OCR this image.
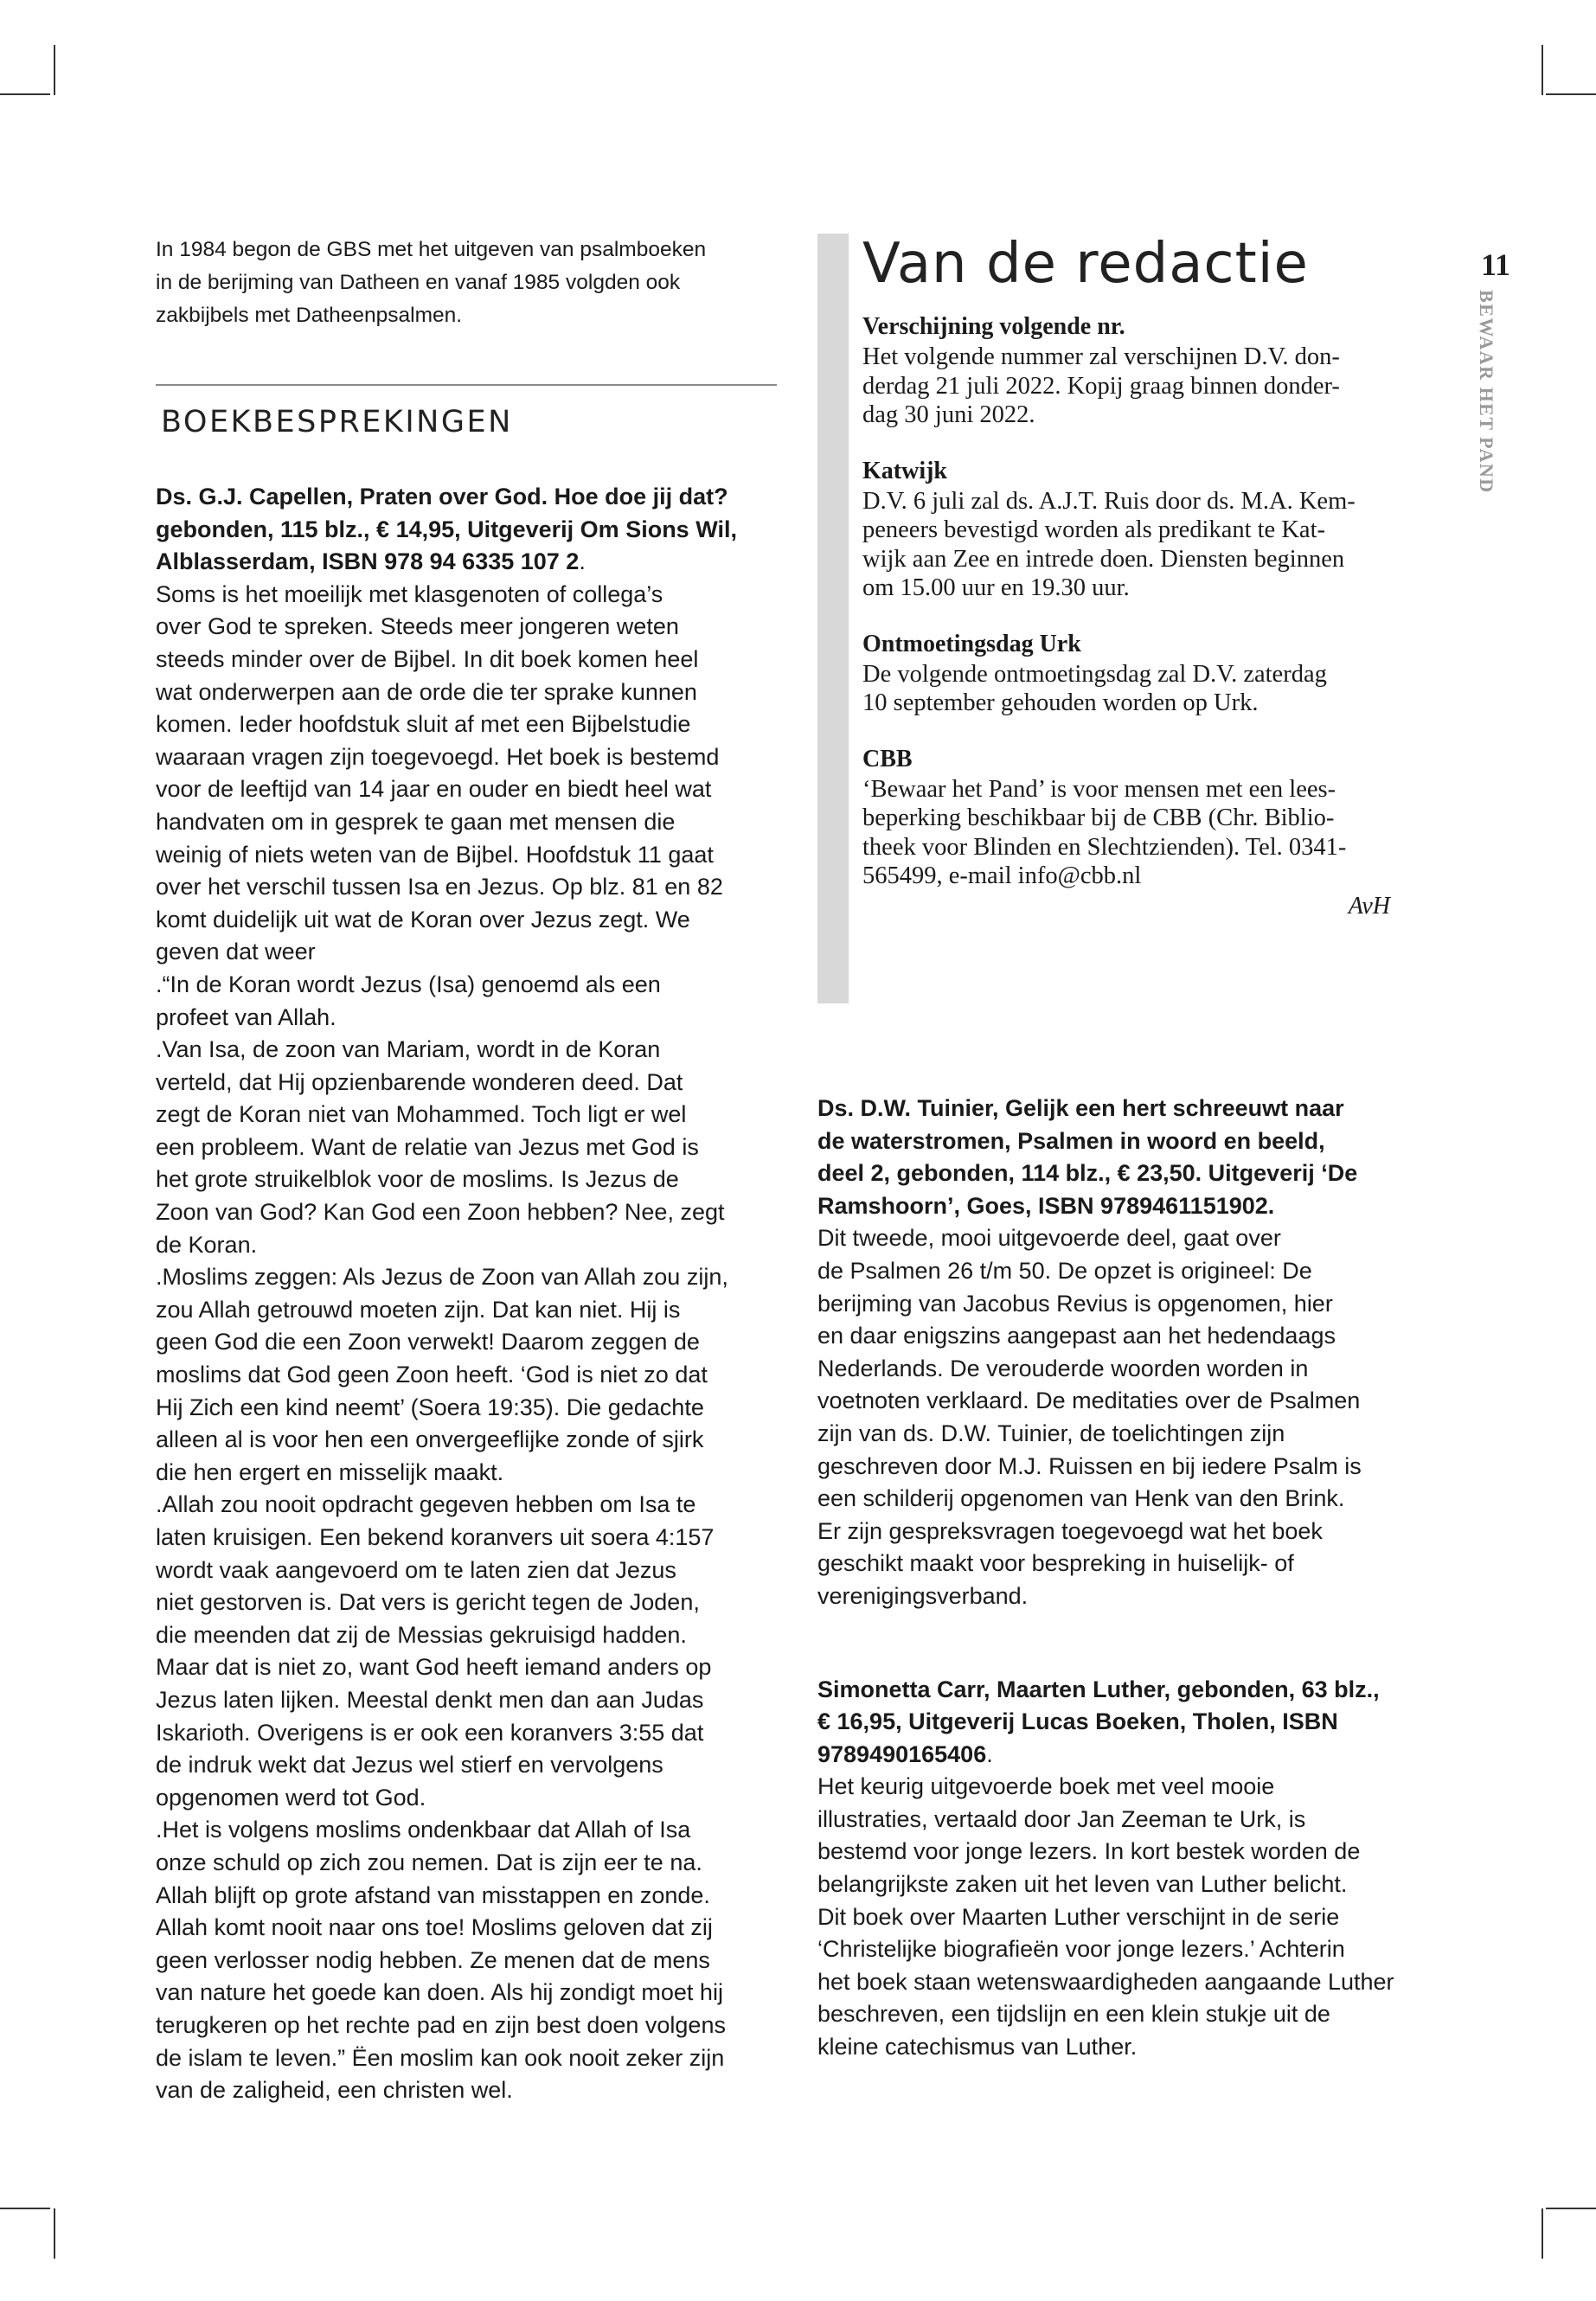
In 1984 begon de GBS met het uitgeven van psalmboeken
in de berijming van Datheen en vanaf 1985 volgden ook
zakbijbels met Datheenpsalmen.

BOEKBESPREKINGEN

Ds. G.J. Capellen, Praten over God. Hoe doe jij dat?
gebonden, 115 blz., € 14,95, Uitgeverij Om Sions Wil,
Alblasserdam, ISBN 978 94 6335 107 2.

Soms is het moeilijk met klasgenoten of collega’s
over God te spreken. Steeds meer jongeren weten
steeds minder over de Bijbel. In dit boek komen heel
wat onderwerpen aan de orde die ter sprake kunnen
komen. Ieder hoofdstuk sluit af met een Bijbelstudie
waaraan vragen zijn toegevoegd. Het boek is bestemd
voor de leeftijd van 14 jaar en ouder en biedt heel wat
handvaten om in gesprek te gaan met mensen die
weinig of niets weten van de Bijbel. Hoofdstuk 11 gaat
over het verschil tussen Isa en Jezus. Op blz. 81 en 82
komt duidelijk uit wat de Koran over Jezus zegt. We
geven dat weer
.“In de Koran wordt Jezus (Isa) genoemd als een
profeet van Allah.
.Van Isa, de zoon van Mariam, wordt in de Koran
verteld, dat Hij opzienbarende wonderen deed. Dat
zegt de Koran niet van Mohammed. Toch ligt er wel
een probleem. Want de relatie van Jezus met God is
het grote struikelblok voor de moslims. Is Jezus de
Zoon van God? Kan God een Zoon hebben? Nee, zegt
de Koran.
.Moslims zeggen: Als Jezus de Zoon van Allah zou zijn,
zou Allah getrouwd moeten zijn. Dat kan niet. Hij is
geen God die een Zoon verwekt! Daarom zeggen de
moslims dat God geen Zoon heeft. ‘God is niet zo dat
Hij Zich een kind neemt’ (Soera 19:35). Die gedachte
alleen al is voor hen een onvergeeflijke zonde of sjirk
die hen ergert en misselijk maakt.
.Allah zou nooit opdracht gegeven hebben om Isa te
laten kruisigen. Een bekend koranvers uit soera 4:157
wordt vaak aangevoerd om te laten zien dat Jezus
niet gestorven is. Dat vers is gericht tegen de Joden,
die meenden dat zij de Messias gekruisigd hadden.
Maar dat is niet zo, want God heeft iemand anders op
Jezus laten lijken. Meestal denkt men dan aan Judas
Iskarioth. Overigens is er ook een koranvers 3:55 dat
de indruk wekt dat Jezus wel stierf en vervolgens
opgenomen werd tot God.
.Het is volgens moslims ondenkbaar dat Allah of Isa
onze schuld op zich zou nemen. Dat is zijn eer te na.
Allah blijft op grote afstand van misstappen en zonde.
Allah komt nooit naar ons toe! Moslims geloven dat zij
geen verlosser nodig hebben. Ze menen dat de mens
van nature het goede kan doen. Als hij zondigt moet hij
terugkeren op het rechte pad en zijn best doen volgens
de islam te leven.” Ëen moslim kan ook nooit zeker zijn
van de zaligheid, een christen wel.

Van de redactie

Verschijning volgende nr.

Het volgende nummer zal verschijnen D.V. don-
derdag 21 juli 2022. Kopij graag binnen donder-
dag 30 juni 2022.

Katwijk

D.V. 6 juli zal ds. A.J.T. Ruis door ds. M.A. Kem-
peneers bevestigd worden als predikant te Kat-
wijk aan Zee en intrede doen. Diensten beginnen
om 15.00 uur en 19.30 uur.

Ontmoetingsdag Urk

De volgende ontmoetingsdag zal D.V. zaterdag
10 september gehouden worden op Urk.

CBB

‘Bewaar het Pand’ is voor mensen met een lees-
beperking beschikbaar bij de CBB (Chr. Biblio-
theek voor Blinden en Slechtzienden). Tel. 0341-
565499, e-mail info@cbb.nl

AvH

11
BEWAAR HET PAND

Ds. D.W. Tuinier, Gelijk een hert schreeuwt naar
de waterstromen, Psalmen in woord en beeld,
deel 2, gebonden, 114 blz., € 23,50. Uitgeverij ‘De
Ramshoorn’, Goes, ISBN 9789461151902.

Dit tweede, mooi uitgevoerde deel, gaat over
de Psalmen 26 t/m 50. De opzet is origineel: De
berijming van Jacobus Revius is opgenomen, hier
en daar enigszins aangepast aan het hedendaags
Nederlands. De verouderde woorden worden in
voetnoten verklaard. De meditaties over de Psalmen
zijn van ds. D.W. Tuinier, de toelichtingen zijn
geschreven door M.J. Ruissen en bij iedere Psalm is
een schilderij opgenomen van Henk van den Brink.
Er zijn gespreksvragen toegevoegd wat het boek
geschikt maakt voor bespreking in huiselijk- of
verenigingsverband.

Simonetta Carr, Maarten Luther, gebonden, 63 blz.,
€ 16,95, Uitgeverij Lucas Boeken, Tholen, ISBN
9789490165406.

Het keurig uitgevoerde boek met veel mooie
illustraties, vertaald door Jan Zeeman te Urk, is
bestemd voor jonge lezers. In kort bestek worden de
belangrijkste zaken uit het leven van Luther belicht.
Dit boek over Maarten Luther verschijnt in de serie
‘Christelijke biografieën voor jonge lezers.’ Achterin
het boek staan wetenswaardigheden aangaande Luther
beschreven, een tijdslijn en een klein stukje uit de
kleine catechismus van Luther.
